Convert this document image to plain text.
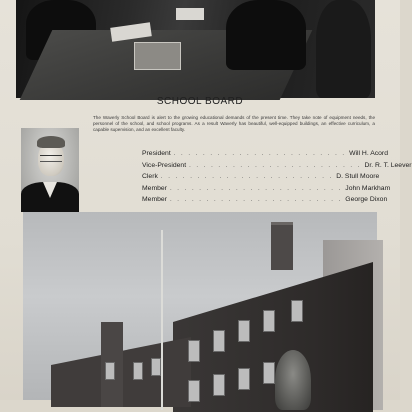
SCHOOL BOARD
The Waverly School Board is alert to the growing educational demands of the present time. They take note of equipment needs, the personnel of the school, and school programs. As a result Waverly has beautiful, well-equipped buildings, an effective curriculum, a capable supervision, and an excellent faculty.
President . . . . . . . . . . . . . . . . . . . . . . . . Will H. Acord
Vice-President . . . . . . . . . . . . . . . . . . . . . . . . Dr. R. T. Leever
Clerk . . . . . . . . . . . . . . . . . . . . . . . . D. Stull Moore
Member . . . . . . . . . . . . . . . . . . . . . . . . John Markham
Member . . . . . . . . . . . . . . . . . . . . . . . . George Dixon
